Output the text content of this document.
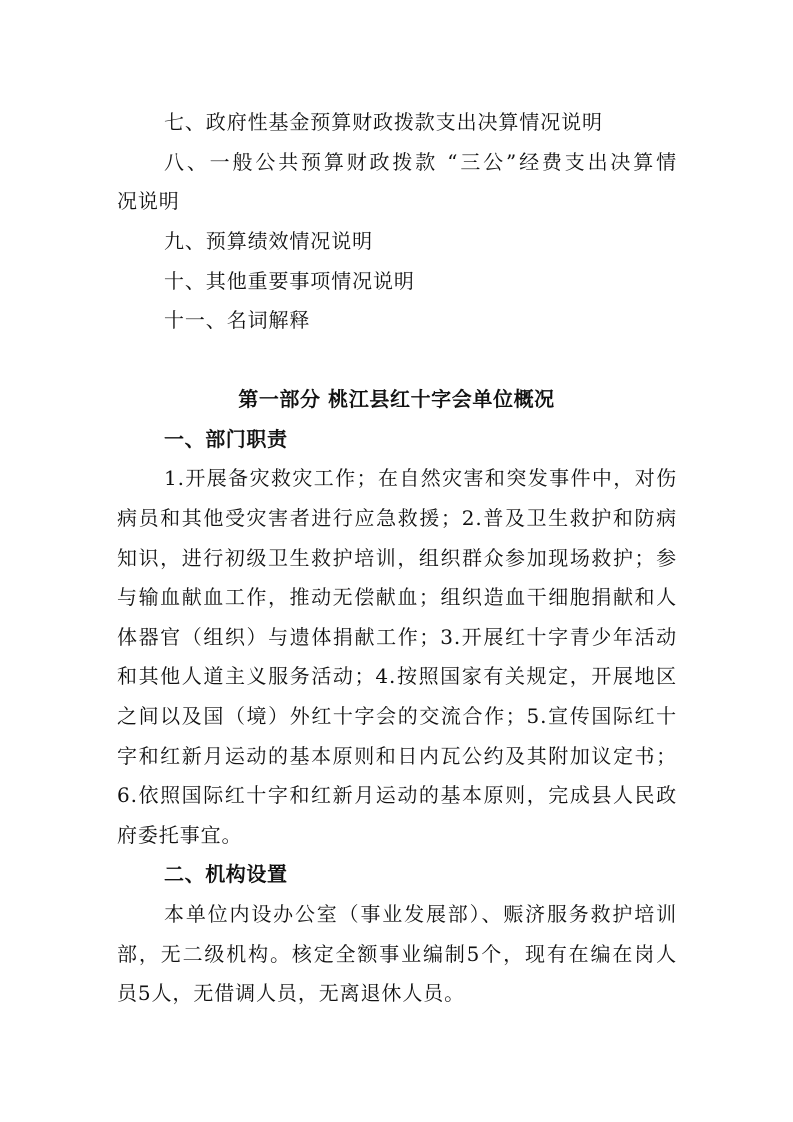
七、政府性基金预算财政拨款支出决算情况说明
八、一般公共预算财政拨款 “三公”经费支出决算情
况说明
九、预算绩效情况说明
十、其他重要事项情况说明
十一、名词解释
第一部分 桃江县红十字会单位概况
一、部门职责
1.开展备灾救灾工作；在自然灾害和突发事件中，对伤
病员和其他受灾害者进行应急救援；2.普及卫生救护和防病
知识，进行初级卫生救护培训，组织群众参加现场救护；参
与输血献血工作，推动无偿献血；组织造血干细胞捐献和人
体器官（组织）与遗体捐献工作；3.开展红十字青少年活动
和其他人道主义服务活动；4.按照国家有关规定，开展地区
之间以及国（境）外红十字会的交流合作；5.宣传国际红十
字和红新月运动的基本原则和日内瓦公约及其附加议定书；
6.依照国际红十字和红新月运动的基本原则，完成县人民政
府委托事宜。
二、机构设置
本单位内设办公室（事业发展部）、赈济服务救护培训
部，无二级机构。核定全额事业编制5个，现有在编在岗人
员5人，无借调人员，无离退休人员。
